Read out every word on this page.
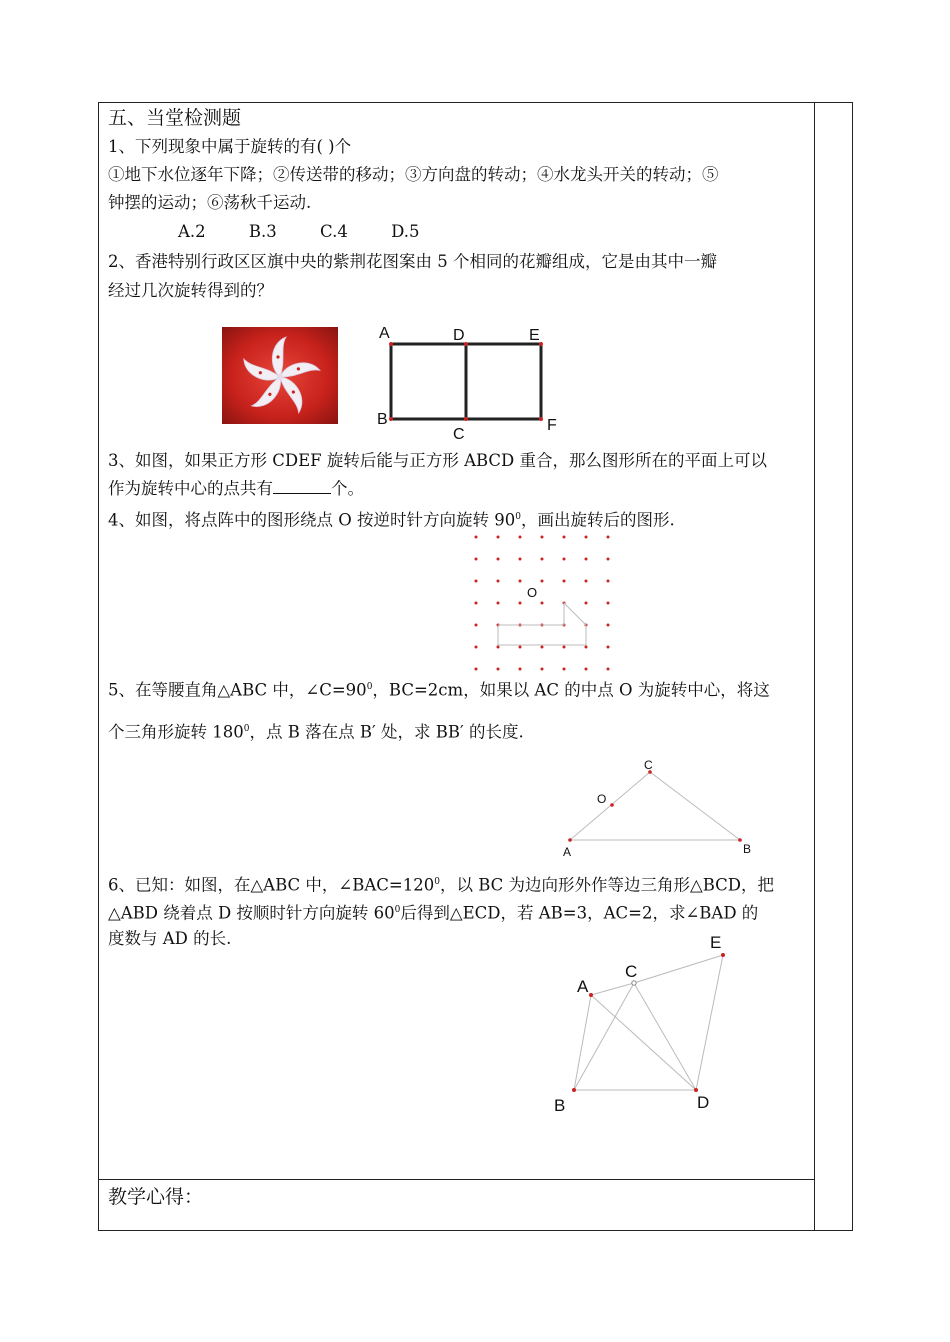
五、当堂检测题
1、下列现象中属于旋转的有( )个
①地下水位逐年下降；②传送带的移动；③方向盘的转动；④水龙头开关的转动；⑤
钟摆的运动；⑥荡秋千运动.
A.2	B.3	C.4	D.5
2、香港特别行政区区旗中央的紫荆花图案由 5 个相同的花瓣组成，它是由其中一瓣
经过几次旋转得到的？
A	D	E
B
C
F
3、如图，如果正方形 CDEF 旋转后能与正方形 ABCD 重合，那么图形所在的平面上可以
作为旋转中心的点共有	个。
4、如图，将点阵中的图形绕点 O 按逆时针方向旋转 $90^0$，画出旋转后的图形.
O
5、在等腰直角△ABC 中，$\angle C=90^0$，BC=2cm，如果以 AC 的中点 O 为旋转中心，将这
个三角形旋转 $180^0$，点 B 落在点 B′ 处，求 BB′ 的长度.
C
O
A	B
6、已知：如图，在△ABC 中，$\angle BAC=120^0$，以 BC 为边向形外作等边三角形△BCD，把
△ABD 绕着点 D 按顺时针方向旋转 $60^0$后得到△ECD，若 AB=3，AC=2，求∠BAD 的
度数与 AD 的长.	E
C
A
B	D
教学心得：
